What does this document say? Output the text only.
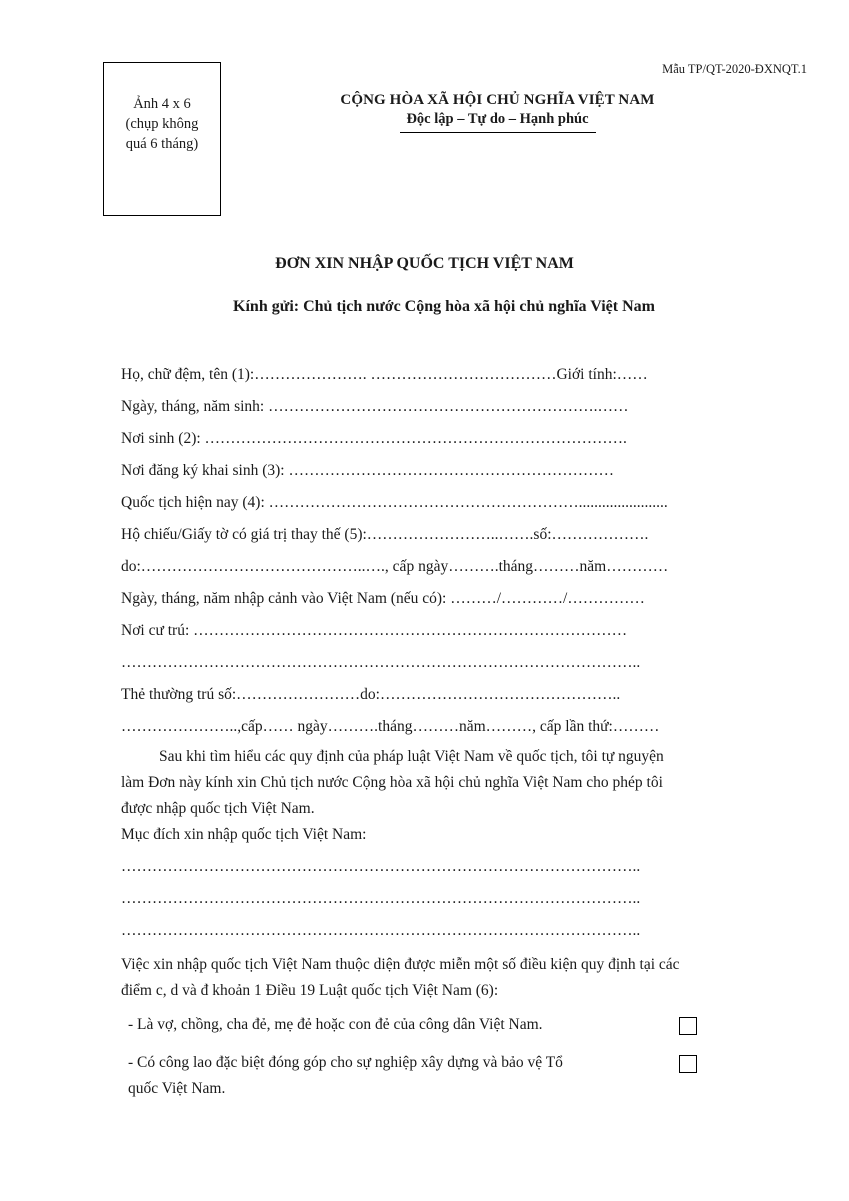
Mẫu TP/QT-2020-ĐXNQT.1
Ảnh 4 x 6
(chụp không
quá 6 tháng)
CỘNG HÒA XÃ HỘI CHỦ NGHĨA VIỆT NAM
Độc lập – Tự do – Hạnh phúc
ĐƠN XIN NHẬP QUỐC TỊCH VIỆT NAM
Kính gửi: Chủ tịch nước Cộng hòa xã hội chủ nghĩa Việt Nam
Họ, chữ đệm, tên (1):…………………. ………………………………Giới tính:……
Ngày, tháng, năm sinh: ……………………………………………………….……
Nơi sinh (2): ……………………………………………………………………….
Nơi đăng ký khai sinh (3): ………………………………………………………
Quốc tịch hiện nay (4): …………………………………………………….......................
Hộ chiếu/Giấy tờ có giá trị thay thế (5):……………………..…….số:……………….
do:……………………………………..…., cấp ngày……….tháng………năm…………
Ngày, tháng, năm nhập cảnh vào Việt Nam (nếu có): ………/…………/……………
Nơi cư trú: …………………………………………………………………………
………………………………………………………………………………………..
Thẻ thường trú số:……………………do:………………………………………..
…………………..,cấp…… ngày……….tháng………năm………, cấp lần thứ:………
Sau khi tìm hiểu các quy định của pháp luật Việt Nam về quốc tịch, tôi tự nguyện
làm Đơn này kính xin Chủ tịch nước Cộng hòa xã hội chủ nghĩa Việt Nam cho phép tôi
được nhập quốc tịch Việt Nam.
Mục đích xin nhập quốc tịch Việt Nam:
………………………………………………………………………………………..
………………………………………………………………………………………..
………………………………………………………………………………………..
Việc xin nhập quốc tịch Việt Nam thuộc diện được miễn một số điều kiện quy định tại các
điểm c, d và đ khoản 1 Điều 19 Luật quốc tịch Việt Nam (6):
- Là vợ, chồng, cha đẻ, mẹ đẻ hoặc con đẻ của công dân Việt Nam.
- Có công lao đặc biệt đóng góp cho sự nghiệp xây dựng và bảo vệ Tổ
quốc Việt Nam.
